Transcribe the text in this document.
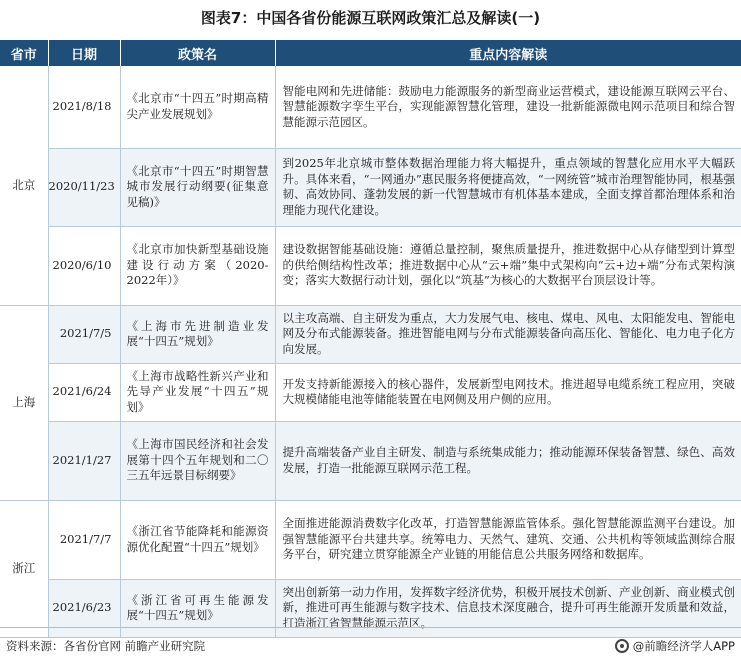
图表7：中国各省份能源互联网政策汇总及解读(一)
省市	日期	政策名	重点内容解读
北京	2021/8/18	《北京市“十四五”时期高精尖产业发展规划》	智能电网和先进储能：鼓励电力能源服务的新型商业运营模式，建设能源互联网云平台、智慧能源数字孪生平台，实现能源智慧化管理，建设一批新能源微电网示范项目和综合智慧能源示范园区。
	2020/11/23	《北京市“十四五”时期智慧城市发展行动纲要(征集意见稿)》	到2025年北京城市整体数据治理能力将大幅提升，重点领域的智慧化应用水平大幅跃升。具体来看，“一网通办”惠民服务将便捷高效，“一网统管”城市治理智能协同，根基强韧、高效协同、蓬勃发展的新一代智慧城市有机体基本建成，全面支撑首都治理体系和治理能力现代化建设。
	2020/6/10	《北京市加快新型基础设施建设行动方案（2020-2022年）》	建设数据智能基础设施：遵循总量控制，聚焦质量提升，推进数据中心从存储型到计算型的供给侧结构性改革；推进数据中心从“云+端”集中式架构向“云+边+端”分布式架构演变；落实大数据行动计划，强化以“筑基”为核心的大数据平台顶层设计等。
上海	2021/7/5	《上海市先进制造业发展“十四五”规划》	以主攻高端、自主研发为重点，大力发展气电、核电、煤电、风电、太阳能发电、智能电网及分布式能源装备。推进智能电网与分布式能源装备向高压化、智能化、电力电子化方向发展。
	2021/6/24	《上海市战略性新兴产业和先导产业发展“十四五”规划》	开发支持新能源接入的核心器件，发展新型电网技术。推进超导电缆系统工程应用，突破大规模储能电池等储能装置在电网侧及用户侧的应用。
	2021/1/27	《上海市国民经济和社会发展第十四个五年规划和二〇三五年远景目标纲要》	提升高端装备产业自主研发、制造与系统集成能力；推动能源环保装备智慧、绿色、高效发展，打造一批能源互联网示范工程。
浙江	2021/7/7	《浙江省节能降耗和能源资源优化配置“十四五”规划》	全面推进能源消费数字化改革，打造智慧能源监管体系。强化智慧能源监测平台建设。加强智慧能源平台共建共享。统筹电力、天然气、建筑、交通、公共机构等领域监测综合服务平台，研究建立贯穿能源全产业链的用能信息公共服务网络和数据库。
	2021/6/23	《浙江省可再生能源发展“十四五”规划》	突出创新第一动力作用，发挥数字经济优势，积极开展技术创新、产业创新、商业模式创新，推进可再生能源与数字技术、信息技术深度融合，提升可再生能源开发质量和效益，打造浙江省智慧能源示范区。
资料来源：各省份官网 前瞻产业研究院	@前瞻经济学人APP
